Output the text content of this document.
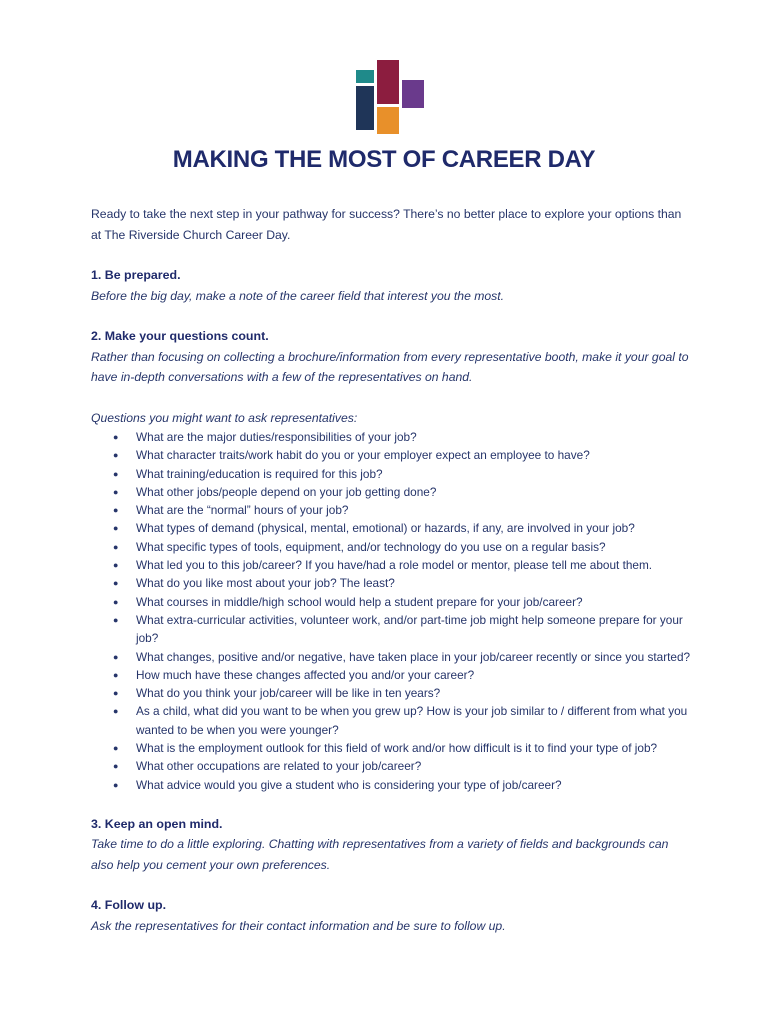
MAKING THE MOST OF CAREER DAY

Ready to take the next step in your pathway for success? There’s no better place to explore your options than at The Riverside Church Career Day.

1. Be prepared.

Before the big day, make a note of the career field that interest you the most.

2. Make your questions count.

Rather than focusing on collecting a brochure/information from every representative booth, make it your goal to have in-depth conversations with a few of the representatives on hand.

Questions you might want to ask representatives:

● What are the major duties/responsibilities of your job?
● What character traits/work habit do you or your employer expect an employee to have?
● What training/education is required for this job?
● What other jobs/people depend on your job getting done?
● What are the “normal” hours of your job?
● What types of demand (physical, mental, emotional) or hazards, if any, are involved in your job?
● What specific types of tools, equipment, and/or technology do you use on a regular basis?
● What led you to this job/career? If you have/had a role model or mentor, please tell me about them.
● What do you like most about your job? The least?
● What courses in middle/high school would help a student prepare for your job/career?
● What extra-curricular activities, volunteer work, and/or part-time job might help someone prepare for your job?
● What changes, positive and/or negative, have taken place in your job/career recently or since you started?
● How much have these changes affected you and/or your career?
● What do you think your job/career will be like in ten years?
● As a child, what did you want to be when you grew up? How is your job similar to / different from what you wanted to be when you were younger?
● What is the employment outlook for this field of work and/or how difficult is it to find your type of job?
● What other occupations are related to your job/career?
● What advice would you give a student who is considering your type of job/career?
3. Keep an open mind.

Take time to do a little exploring. Chatting with representatives from a variety of fields and backgrounds can also help you cement your own preferences.

4. Follow up.

Ask the representatives for their contact information and be sure to follow up.
